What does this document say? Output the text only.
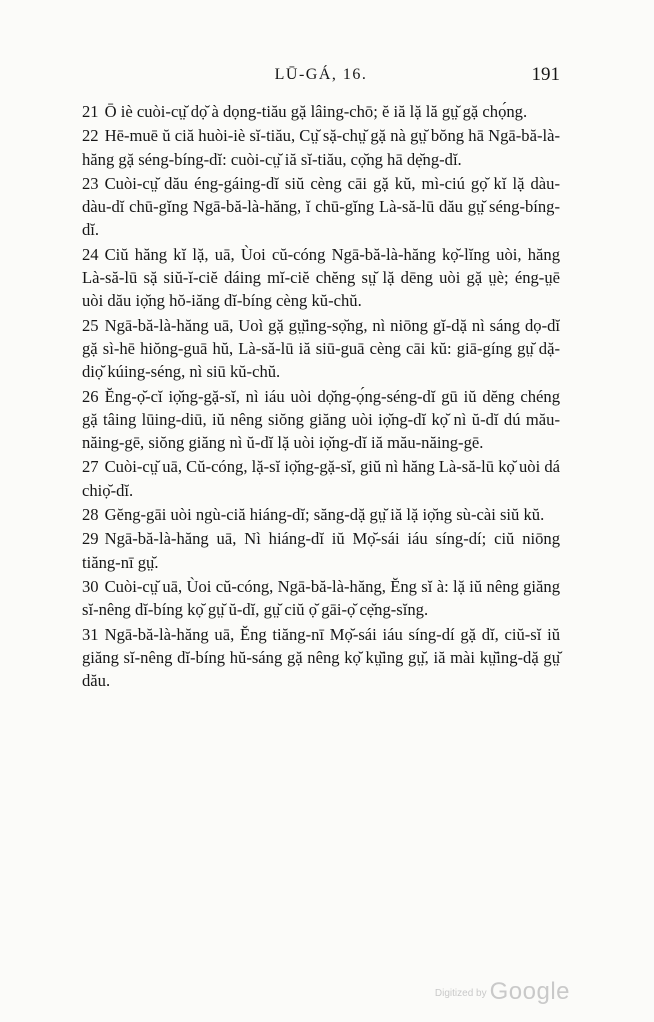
LŪ-GÁ, 16.	191

21 Ō iè cuòi-cṳ̆ dọ̆ à dọng-tiău gặ lâing-chō; ĕ iă lặ lă gṳ̆ gặ chọ́ng.

22 Hē-muē ŭ ciă huòi-iè sĭ-tiău, Cṳ̆ sặ-chṳ̆ gặ nà gṳ̆ bŏng hā Ngā-bă-là-hăng gặ séng-bíng-dĭ: cuòi-cṳ̆ iă sĭ-tiău, cọ̆ng hā dẹ̆ng-dĭ.

23 Cuòi-cṳ̆ dău éng-gáing-dĭ siŭ cèng cāi gặ kŭ, mì-ciú gọ̆ kĭ lặ dàu-dàu-dĭ chū-gĭng Ngā-bă-là-hăng, ĭ chū-gĭng Là-să-lū dău gṳ̆ séng-bíng-dĭ.

24 Ciŭ hăng kĭ lặ, uā, Ùoi cŭ-cóng Ngā-bă-là-hăng kọ̆-lĭng uòi, hăng Là-să-lū sặ siŭ-ĭ-ciĕ dáing mĭ-ciĕ chĕng sṳ̆ lặ dēng uòi gặ ṳè; éng-ṳē uòi dău iọ̆ng hŏ-iăng dĭ-bíng cèng kŭ-chŭ.

25 Ngā-bă-là-hăng uā, Uoì gặ gṳ̆ing-sọ̆ng, nì niōng gĭ-dặ nì sáng dọ-dĭ gặ sì-hē hiŏng-guā hŭ, Là-să-lū iă siū-guā cèng cāi kŭ: giā-gíng gṳ̆ dặ-diọ̆ kúing-séng, nì siū kŭ-chŭ.

26 Ĕng-ọ̆-cĭ iọ̆ng-gặ-sĭ, nì iáu uòi dọ̆ng-ọ́ng-séng-dĭ gū iŭ dĕng chéng gặ tâing lūing-diū, iŭ nêng siŏng giăng uòi iọ̆ng-dĭ kọ̆ nì ŭ-dĭ dú mău-năing-gē, siŏng giăng nì ŭ-dĭ lặ uòi iọ̆ng-dĭ iă mău-năing-gē.

27 Cuòi-cṳ̆ uā, Cŭ-cóng, lặ-sĭ iọ̆ng-gặ-sĭ, giŭ nì hăng Là-să-lū kọ̆ uòi dá chiọ̆-dĭ.

28 Gĕng-gāi uòi ngù-ciă hiáng-dĭ; săng-dặ gṳ̆ iă lặ iọ̆ng sù-cài siŭ kŭ.

29 Ngā-bă-là-hăng uā, Nì hiáng-dĭ iŭ Mọ̆-sái iáu síng-dí; ciŭ niōng tiăng-nī gṳ̆.

30 Cuòi-cṳ̆ uā, Ùoi cŭ-cóng, Ngā-bă-là-hăng, Ĕng sĭ à: lặ iŭ nêng giăng sĭ-nêng dĭ-bíng kọ̆ gṳ̆ ŭ-dĭ, gṳ̆ ciŭ ọ̆ gāi-ọ̆ cẹ̆ng-sĭng.

31 Ngā-bă-là-hăng uā, Ĕng tiăng-nī Mọ̆-sái iáu síng-dí gặ dĭ, ciŭ-sĭ iŭ giăng sĭ-nêng dĭ-bíng hŭ-sáng gặ nêng kọ̆ kṳ̆ing gṳ̆, iă mài kṳ̆ing-dặ gṳ̆ dău.

Digitized by Google
